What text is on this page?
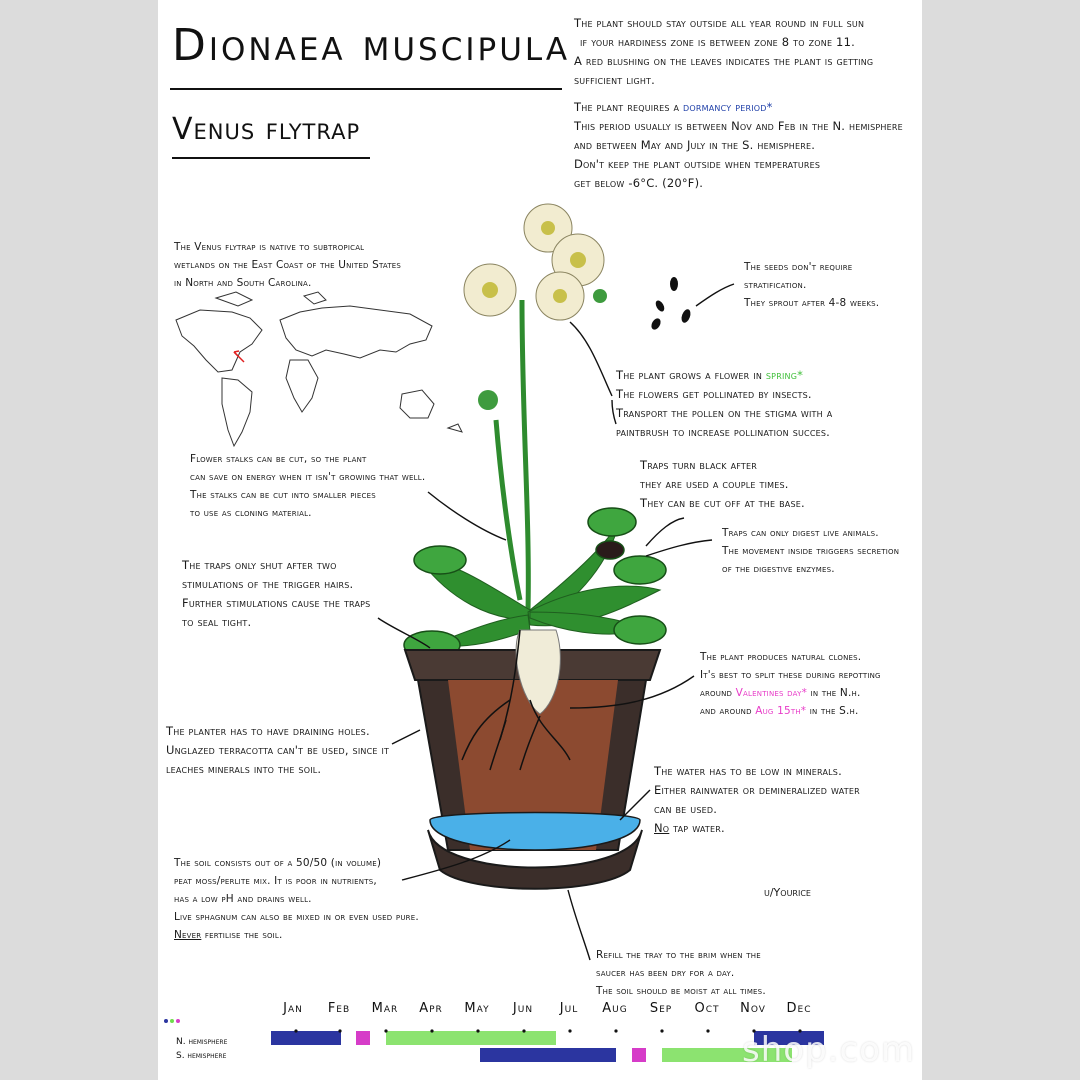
Dionaea muscipula
Venus flytrap
The plant should stay outside all year round in full sun
if your hardiness zone is between zone 8 to zone 11.
A red blushing on the leaves indicates the plant is getting
sufficient light.
The plant requires a dormancy period*
This period usually is between Nov and Feb in the N. hemisphere
and between May and July in the S. hemisphere.
Don't keep the plant outside when temperatures
get below -6°C. (20°F).
The Venus flytrap is native to subtropical
wetlands on the East Coast of the United States
in North and South Carolina.
The seeds don't require
stratification.
They sprout after 4-8 weeks.
The plant grows a flower in spring*
The flowers get pollinated by insects.
Transport the pollen on the stigma with a
paintbrush to increase pollination succes.
Flower stalks can be cut, so the plant
can save on energy when it isn't growing that well.
The stalks can be cut into smaller pieces
to use as cloning material.
Traps turn black after
they are used a couple times.
They can be cut off at the base.
Traps can only digest live animals.
The movement inside triggers secretion
of the digestive enzymes.
The traps only shut after two
stimulations of the trigger hairs.
Further stimulations cause the traps
to seal tight.
The plant produces natural clones.
It's best to split these during repotting
around Valentines day* in the N.h.
and around Aug 15th* in the S.h.
The planter has to have draining holes.
Unglazed terracotta can't be used, since it
leaches minerals into the soil.	The water has to be low in minerals.
Either rainwater or demineralized water
can be used.
No tap water.
The soil consists out of a 50/50 (in volume)
peat moss/perlite mix. It is poor in nutrients,
has a low pH and drains well.
Live sphagnum can also be mixed in or even used pure.
Never fertilise the soil.
Refill the tray to the brim when the
saucer has been dry for a day.
The soil should be moist at all times.
u/Yourice
Jan	Feb	Mar	Apr	May	Jun	Jul	Aug	Sep	Oct	Nov	Dec
N. hemisphere
S. hemisphere	shop.com
